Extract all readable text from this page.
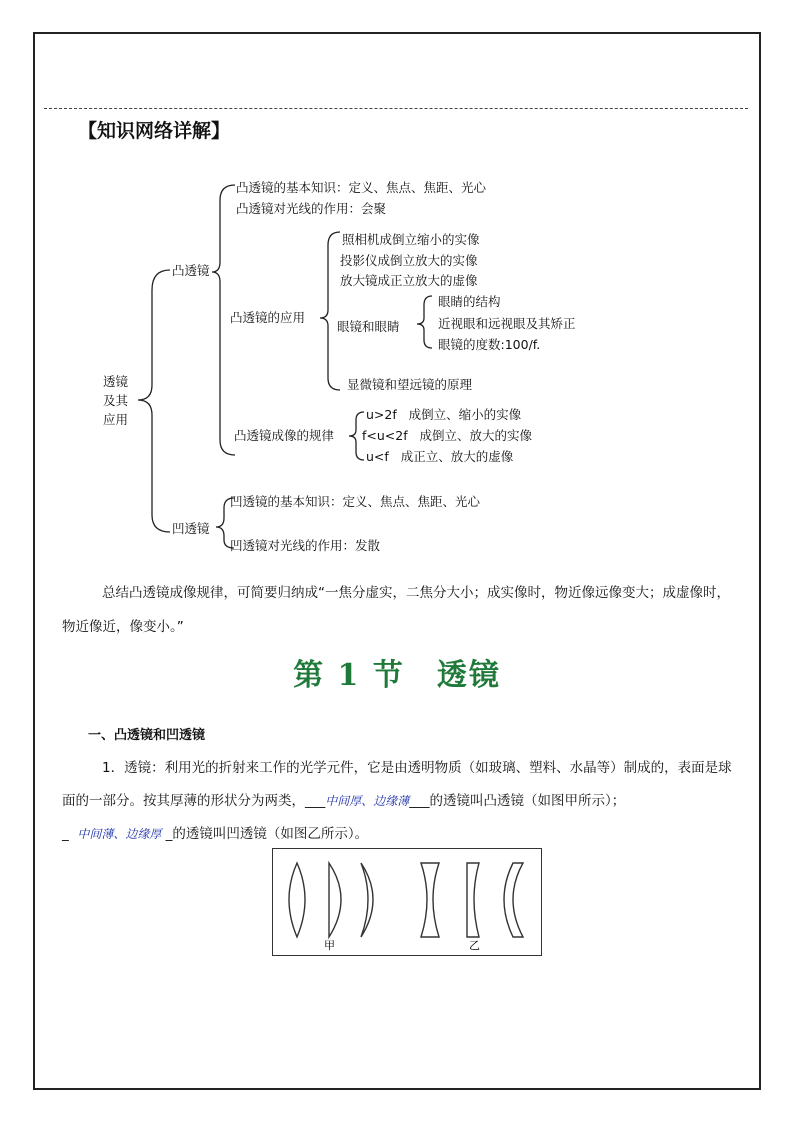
【知识网络详解】
透镜
及其
应用
凸透镜
凸透镜的基本知识：定义、焦点、焦距、光心
凸透镜对光线的作用：会聚
凸透镜的应用
照相机成倒立缩小的实像
投影仪成倒立放大的实像
放大镜成正立放大的虚像
眼镜和眼睛
眼睛的结构
近视眼和远视眼及其矫正
眼镜的度数:100/f.
显微镜和望远镜的原理
凸透镜成像的规律
u>2f   成倒立、缩小的实像
f<u<2f   成倒立、放大的实像
u<f   成正立、放大的虚像
凹透镜
凹透镜的基本知识：定义、焦点、焦距、光心
凹透镜对光线的作用：发散
总结凸透镜成像规律，可简要归纳成“一焦分虚实，二焦分大小；成实像时，物近像远像变大；成虚像时，物近像近，像变小。”
第 1 节　透镜
一、凸透镜和凹透镜
1．透镜：利用光的折射来工作的光学元件，它是由透明物质（如玻璃、塑料、水晶等）制成的，表面是球面的一部分。按其厚薄的形状分为两类，___中间厚、边缘薄___的透镜叫凸透镜（如图甲所示）；
_ 中间薄、边缘厚 _的透镜叫凹透镜（如图乙所示）。
甲	乙
